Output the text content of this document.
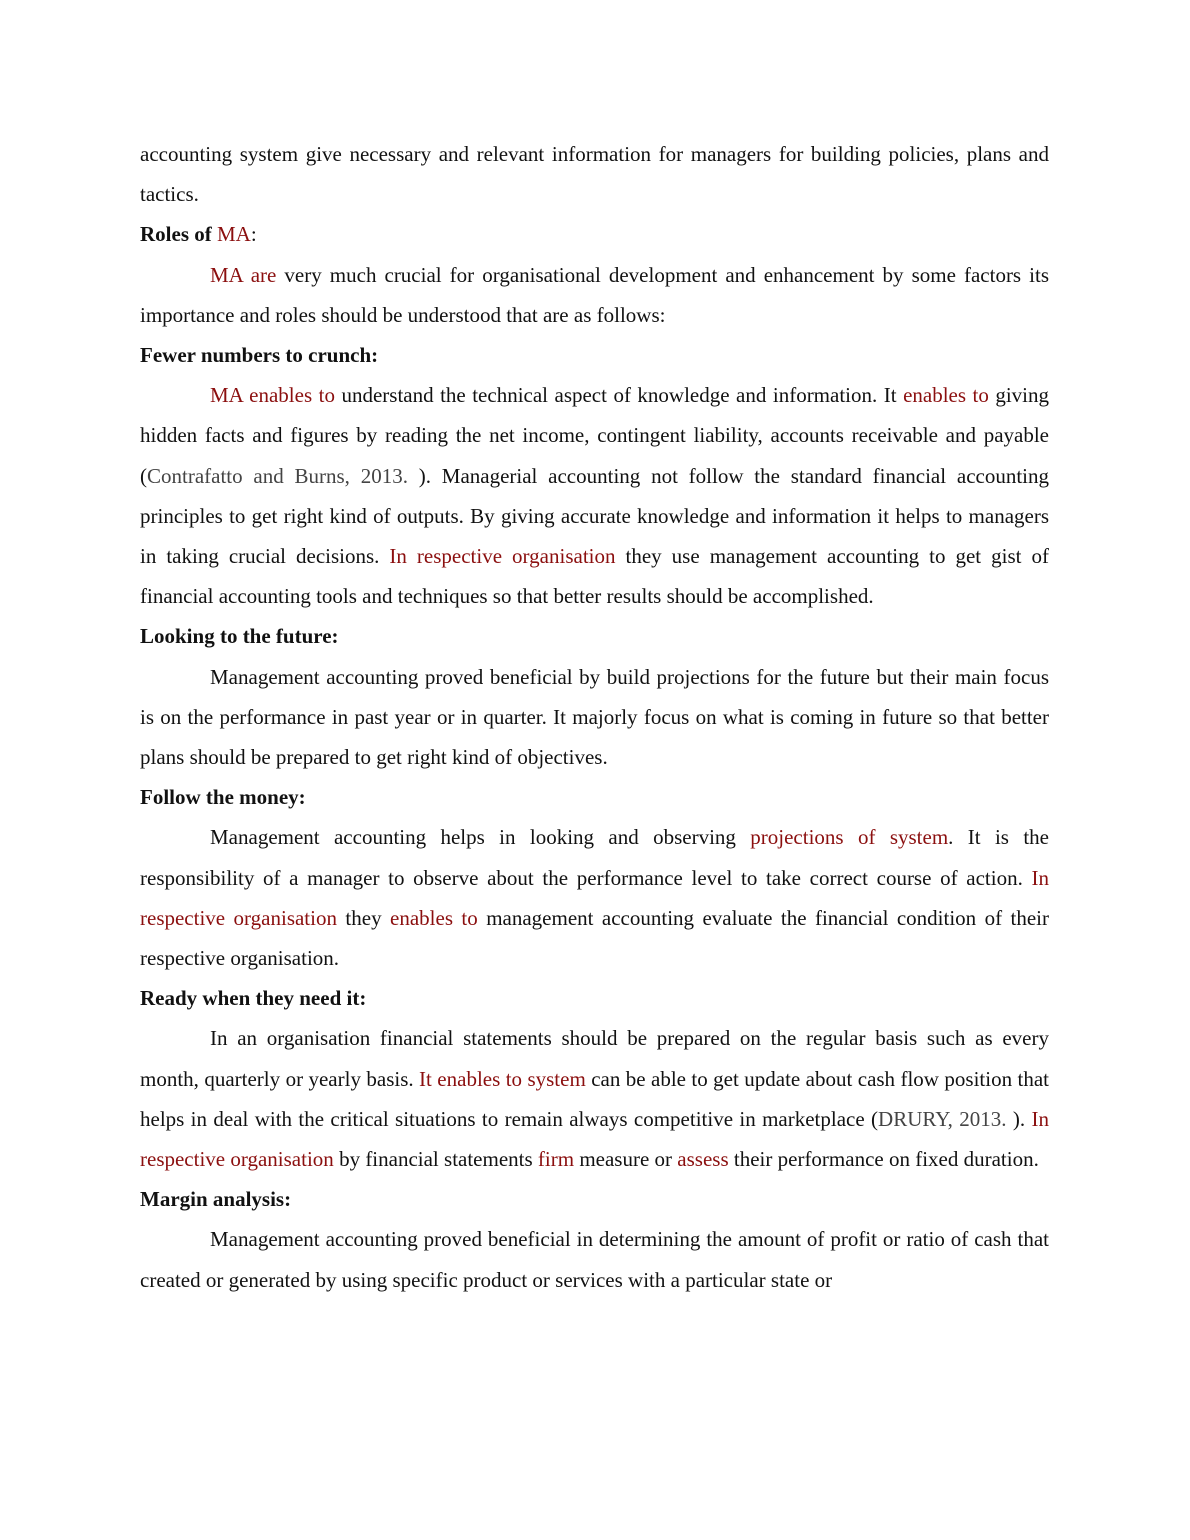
accounting system give necessary and relevant information for managers for building policies, plans and tactics.

Roles of MA:

MA are very much crucial for organisational development and enhancement by some factors its importance and roles should be understood that are as follows:

Fewer numbers to crunch:

MA enables to understand the technical aspect of knowledge and information. It enables to giving hidden facts and figures by reading the net income, contingent liability, accounts receivable and payable (Contrafatto and Burns, 2013. ). Managerial accounting not follow the standard financial accounting principles to get right kind of outputs. By giving accurate knowledge and information it helps to managers in taking crucial decisions. In respective organisation they use management accounting to get gist of financial accounting tools and techniques so that better results should be accomplished.

Looking to the future:

Management accounting proved beneficial by build projections for the future but their main focus is on the performance in past year or in quarter. It majorly focus on what is coming in future so that better plans should be prepared to get right kind of objectives.

Follow the money:

Management accounting helps in looking and observing projections of system. It is the responsibility of a manager to observe about the performance level to take correct course of action. In respective organisation they enables to management accounting evaluate the financial condition of their respective organisation.

Ready when they need it:

In an organisation financial statements should be prepared on the regular basis such as every month, quarterly or yearly basis. It enables to system can be able to get update about cash flow position that helps in deal with the critical situations to remain always competitive in marketplace (DRURY, 2013. ). In respective organisation by financial statements firm measure or assess their performance on fixed duration.

Margin analysis:

Management accounting proved beneficial in determining the amount of profit or ratio of cash that created or generated by using specific product or services with a particular state or
